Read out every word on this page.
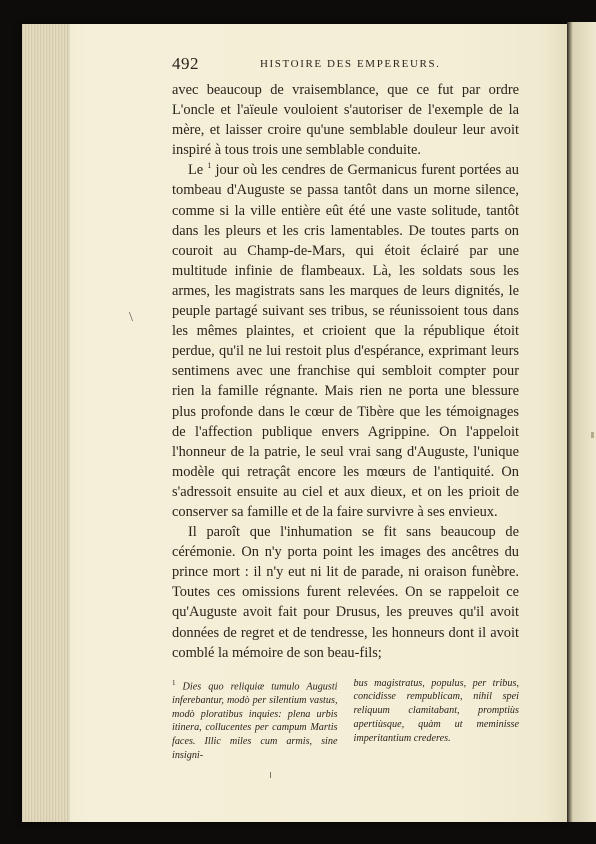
\
492	HISTOIRE DES EMPEREURS.

avec beaucoup de vraisemblance, que ce fut par ordre L'oncle et l'aïeule vouloient s'autoriser de l'exemple de la mère, et laisser croire qu'une semblable douleur leur avoit inspiré à tous trois une semblable conduite.

Le $^1$ jour où les cendres de Germanicus furent portées au tombeau d'Auguste se passa tantôt dans un morne silence, comme si la ville entière eût été une vaste solitude, tantôt dans les pleurs et les cris lamentables. De toutes parts on couroit au Champ-de-Mars, qui étoit éclairé par une multitude infinie de flambeaux. Là, les soldats sous les armes, les magistrats sans les marques de leurs dignités, le peuple partagé suivant ses tribus, se réunissoient tous dans les mêmes plaintes, et crioient que la république étoit perdue, qu'il ne lui restoit plus d'espérance, exprimant leurs sentimens avec une franchise qui sembloit compter pour rien la famille régnante. Mais rien ne porta une blessure plus profonde dans le cœur de Tibère que les témoignages de l'affection publique envers Agrippine. On l'appeloit l'honneur de la patrie, le seul vrai sang d'Auguste, l'unique modèle qui retraçât encore les mœurs de l'antiquité. On s'adressoit ensuite au ciel et aux dieux, et on les prioit de conserver sa famille et de la faire survivre à ses envieux.

Il paroît que l'inhumation se fit sans beaucoup de cérémonie. On n'y porta point les images des ancêtres du prince mort : il n'y eut ni lit de parade, ni oraison funèbre. Toutes ces omissions furent relevées. On se rappeloit ce qu'Auguste avoit fait pour Drusus, les preuves qu'il avoit données de regret et de tendresse, les honneurs dont il avoit comblé la mémoire de son beau-fils;

$^1$ Dies quo reliquiæ tumulo Augusti inferebantur, modò per silentium vastus, modò ploratibus inquies: plena urbis itinera, collucentes per campum Martis faces. Illic miles cum armis, sine insigni-
bus magistratus, populus, per tribus, concidisse rempublicam, nihil spei reliquum clamitabant, promptiùs apertiùsque, quàm ut meminisse imperitantium crederes.
